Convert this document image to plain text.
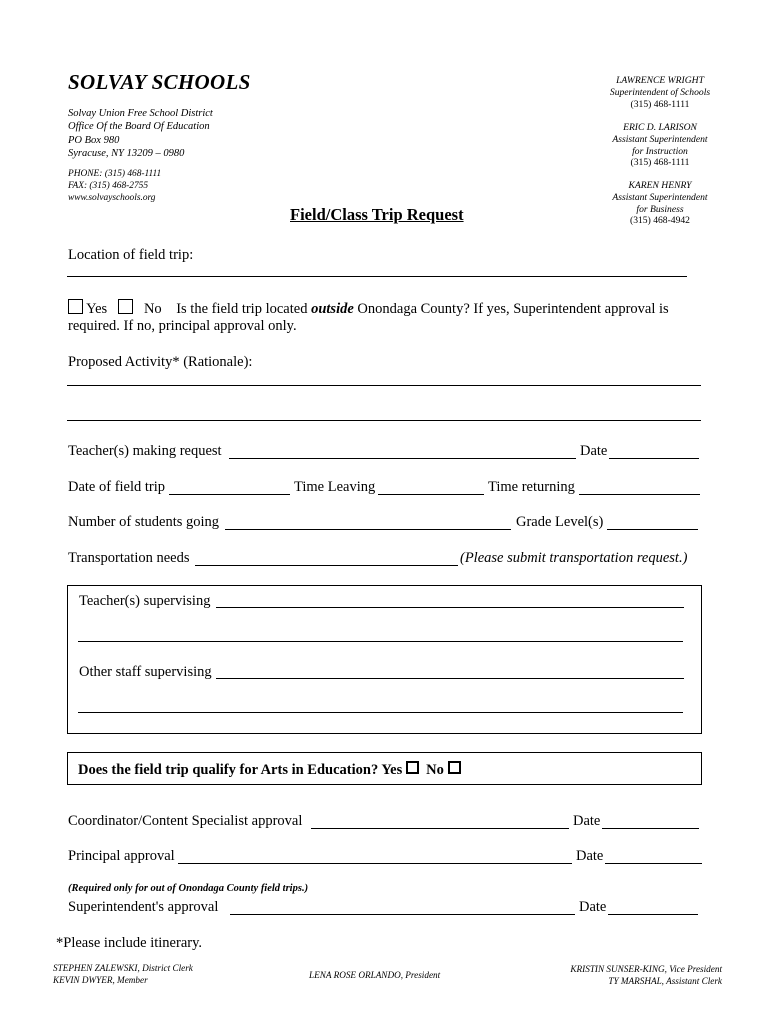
SOLVAY SCHOOLS
Solvay Union Free School District
Office Of the Board Of Education
PO Box 980
Syracuse, NY 13209 – 0980
PHONE: (315) 468-1111
FAX: (315) 468-2755
www.solvayschools.org
LAWRENCE WRIGHT
Superintendent of Schools
(315) 468-1111
ERIC D. LARISON
Assistant Superintendent
for Instruction
(315) 468-1111
KAREN HENRY
Assistant Superintendent
for Business
(315) 468-4942
Field/Class Trip Request
Location of field trip:
Yes	No Is the field trip located outside Onondaga County? If yes, Superintendent approval is
required. If no, principal approval only.
Proposed Activity* (Rationale):
Teacher(s) making request	Date
Date of field trip	Time Leaving	Time returning
Number of students going	Grade Level(s)
Transportation needs	(Please submit transportation request.)
Teacher(s) supervising
Other staff supervising
Does the field trip qualify for Arts in Education? Yes No
Coordinator/Content Specialist approval	Date
Principal approval	Date
(Required only for out of Onondaga County field trips.)
Superintendent's approval	Date
*Please include itinerary.
STEPHEN ZALEWSKI, District Clerk
KEVIN DWYER, Member	LENA ROSE ORLANDO, President
KRISTIN SUNSER-KING, Vice President
TY MARSHAL, Assistant Clerk
